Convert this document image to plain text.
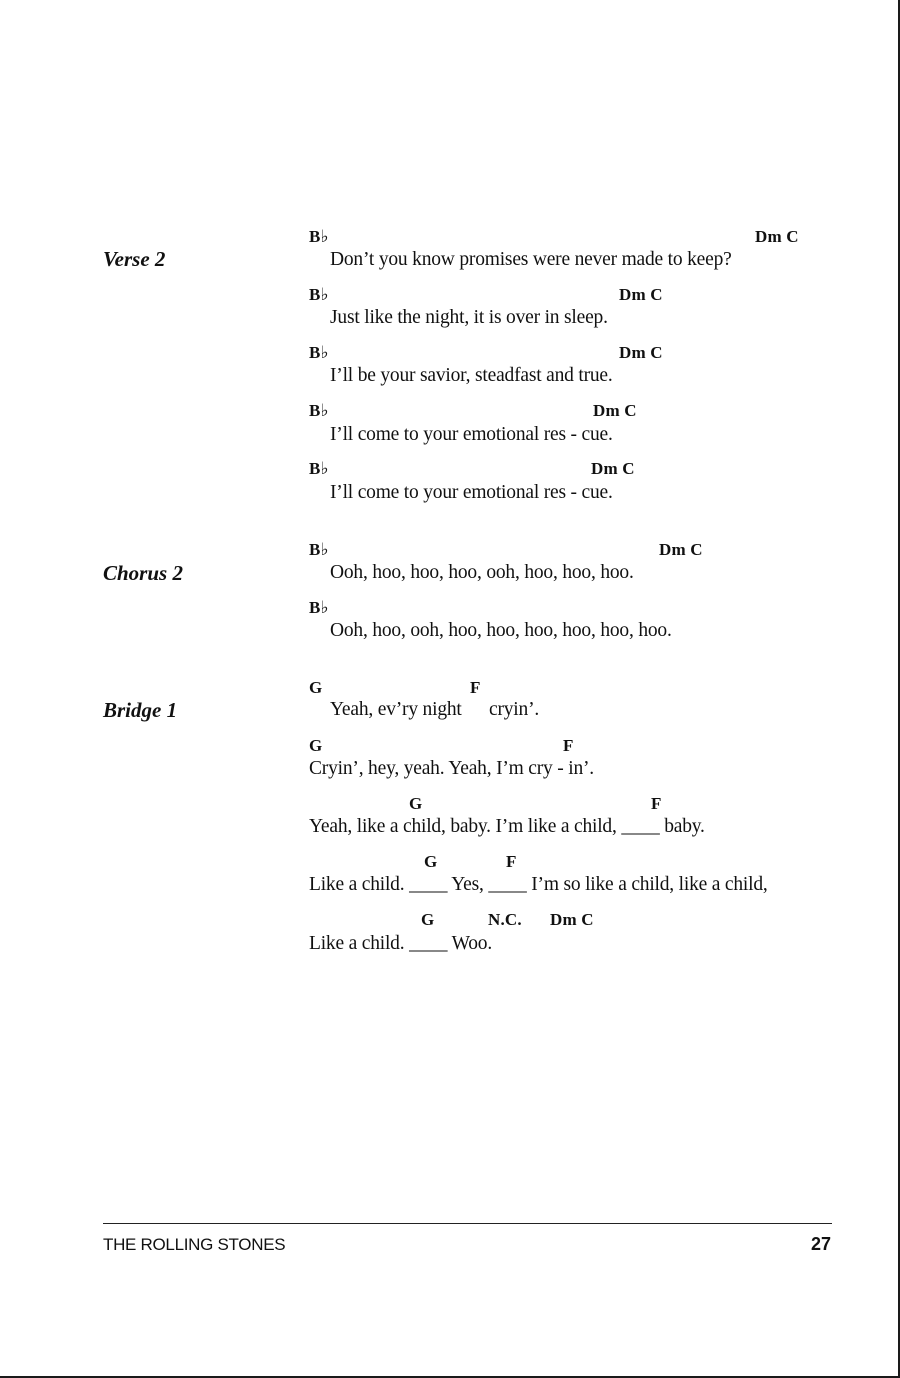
Verse 2
B♭	Dm C
Don’t you know promises were never made to keep?
B♭	Dm C
Just like the night, it is over in sleep.
B♭	Dm C
I’ll be your savior, steadfast and true.
B♭	Dm C
I’ll come to your emotional res - cue.
B♭	Dm C
I’ll come to your emotional res - cue.
Chorus 2
B♭	Dm C
Ooh, hoo, hoo, hoo, ooh, hoo, hoo, hoo.
B♭
Ooh, hoo, ooh, hoo, hoo, hoo, hoo, hoo, hoo.
Bridge 1
G	F
Yeah, ev’ry night cryin’.
G	F
Cryin’, hey, yeah. Yeah, I’m cry - in’.
G	F
Yeah, like a child, baby. I’m like a child, ____ baby.
G	F
Like a child. ____ Yes, ____ I’m so like a child, like a child,
G	N.C. Dm C
Like a child. ____ Woo.
THE ROLLING STONES	27
